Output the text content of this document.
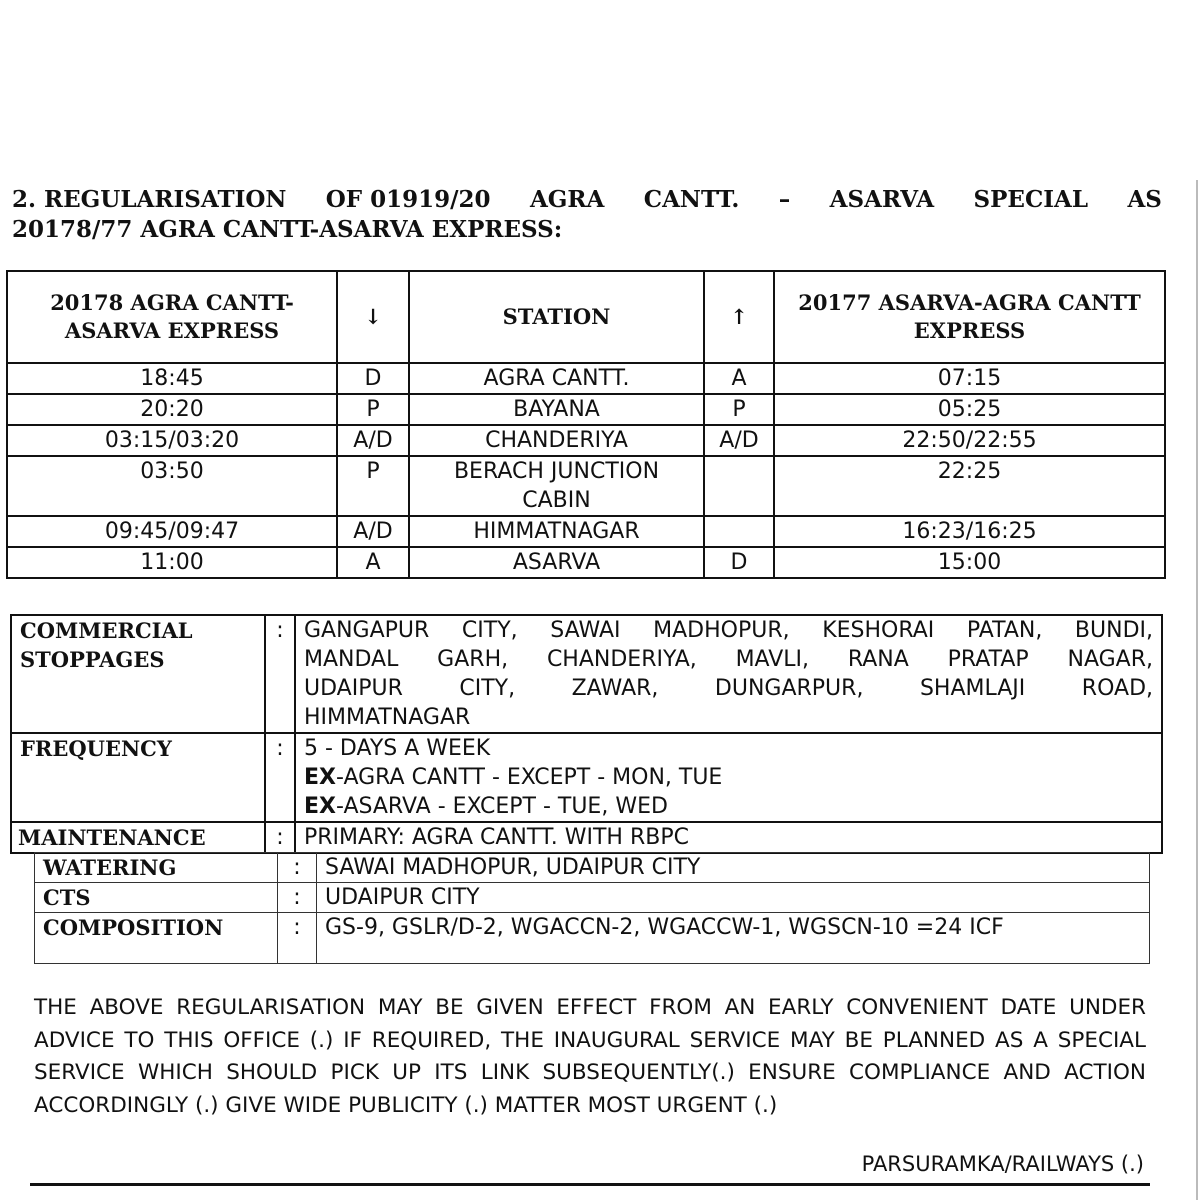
2. REGULARISATION OF 01919/20 AGRA CANTT. – ASARVA SPECIAL AS
20178/77 AGRA CANTT-ASARVA EXPRESS:
20178 AGRA CANTT-ASARVA EXPRESS	↓	STATION	↑	20177 ASARVA-AGRA CANTT EXPRESS
18:45	D	AGRA CANTT.	A	07:15
20:20	P	BAYANA	P	05:25
03:15/03:20	A/D	CHANDERIYA	A/D	22:50/22:55
03:50	P	BERACH JUNCTION CABIN		22:25
09:45/09:47	A/D	HIMMATNAGAR		16:23/16:25
11:00	A	ASARVA	D	15:00
COMMERCIAL STOPPAGES	:	GANGAPUR CITY, SAWAI MADHOPUR, KESHORAI PATAN, BUNDI,
MANDAL GARH, CHANDERIYA, MAVLI, RANA PRATAP NAGAR,
UDAIPUR CITY, ZAWAR, DUNGARPUR, SHAMLAJI ROAD,
HIMMATNAGAR

FREQUENCY	:	5 - DAYS A WEEK
EX-AGRA CANTT - EXCEPT - MON, TUE
EX-ASARVA - EXCEPT - TUE, WED

MAINTENANCE	:	PRIMARY: AGRA CANTT. WITH RBPC
WATERING	:	SAWAI MADHOPUR, UDAIPUR CITY
CTS	:	UDAIPUR CITY
COMPOSITION	:	GS-9, GSLR/D-2, WGACCN-2, WGACCW-1, WGSCN-10 =24 ICF
THE ABOVE REGULARISATION MAY BE GIVEN EFFECT FROM AN EARLY CONVENIENT DATE UNDER ADVICE TO THIS OFFICE (.) IF REQUIRED, THE INAUGURAL SERVICE MAY BE PLANNED AS A SPECIAL SERVICE WHICH SHOULD PICK UP ITS LINK SUBSEQUENTLY(.) ENSURE COMPLIANCE AND ACTION ACCORDINGLY (.) GIVE WIDE PUBLICITY (.) MATTER MOST URGENT (.)
PARSURAMKA/RAILWAYS (.)
